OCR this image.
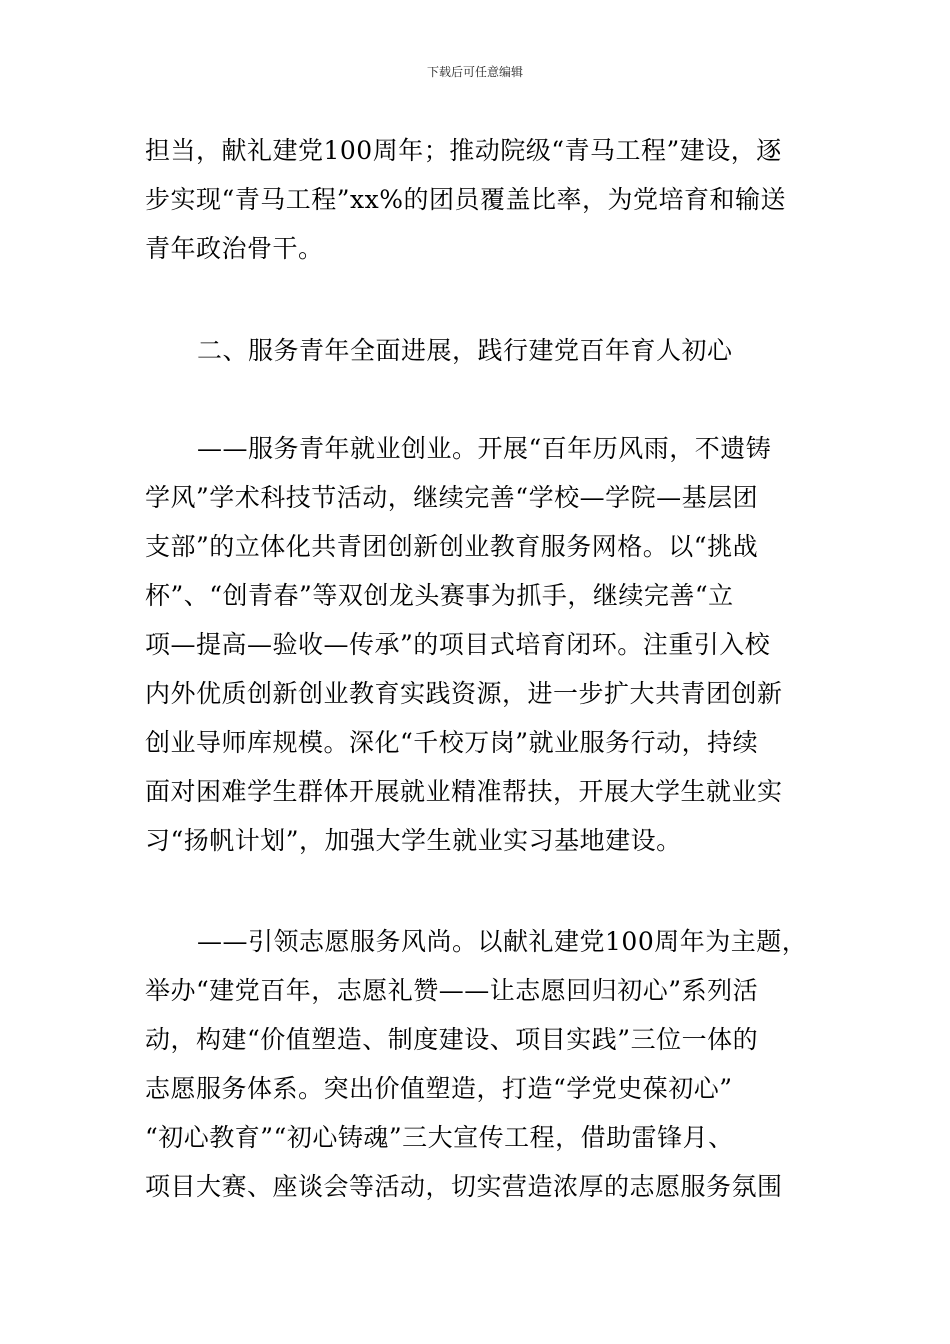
下载后可任意编辑
担当，献礼建党100周年；推动院级“青马工程”建设，逐
步实现“青马工程”xx%的团员覆盖比率，为党培育和输送
青年政治骨干。
二、服务青年全面进展，践行建党百年育人初心
——服务青年就业创业。开展“百年历风雨，不遗铸
学风”学术科技节活动，继续完善“学校—学院—基层团
支部”的立体化共青团创新创业教育服务网格。以“挑战
杯”、“创青春”等双创龙头赛事为抓手，继续完善“立
项—提高—验收—传承”的项目式培育闭环。注重引入校
内外优质创新创业教育实践资源，进一步扩大共青团创新
创业导师库规模。深化“千校万岗”就业服务行动，持续
面对困难学生群体开展就业精准帮扶，开展大学生就业实
习“扬帆计划”，加强大学生就业实习基地建设。
——引领志愿服务风尚。以献礼建党100周年为主题，
举办“建党百年，志愿礼赞——让志愿回归初心”系列活
动，构建“价值塑造、制度建设、项目实践”三位一体的
志愿服务体系。突出价值塑造，打造“学党史葆初心”
“初心教育”“初心铸魂”三大宣传工程，借助雷锋月、
项目大赛、座谈会等活动，切实营造浓厚的志愿服务氛围
